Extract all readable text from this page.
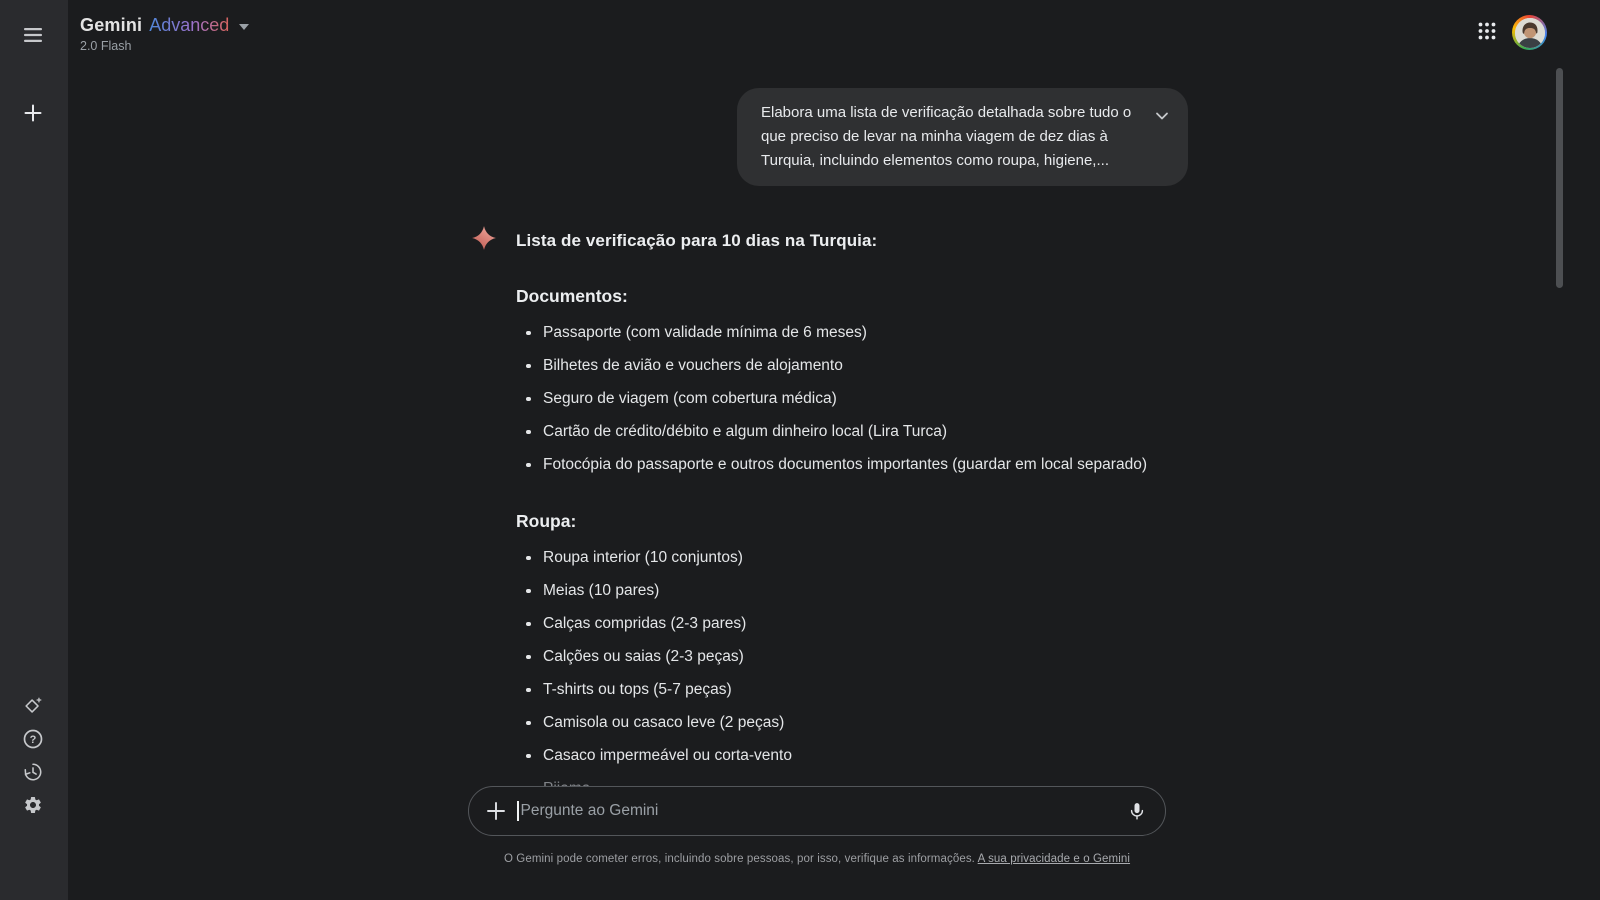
?
Gemini Advanced
2.0 Flash
Elabora uma lista de verificação detalhada sobre tudo o que preciso de levar na minha viagem de dez dias à Turquia, incluindo elementos como roupa, higiene,...
Lista de verificação para 10 dias na Turquia:
Documentos:
Passaporte (com validade mínima de 6 meses)
Bilhetes de avião e vouchers de alojamento
Seguro de viagem (com cobertura médica)
Cartão de crédito/débito e algum dinheiro local (Lira Turca)
Fotocópia do passaporte e outros documentos importantes (guardar em local separado)
Roupa:
Roupa interior (10 conjuntos)
Meias (10 pares)
Calças compridas (2-3 pares)
Calções ou saias (2-3 peças)
T-shirts ou tops (5-7 peças)
Camisola ou casaco leve (2 peças)
Casaco impermeável ou corta-vento
Pergunte ao Gemini
O Gemini pode cometer erros, incluindo sobre pessoas, por isso, verifique as informações. A sua privacidade e o Gemini
